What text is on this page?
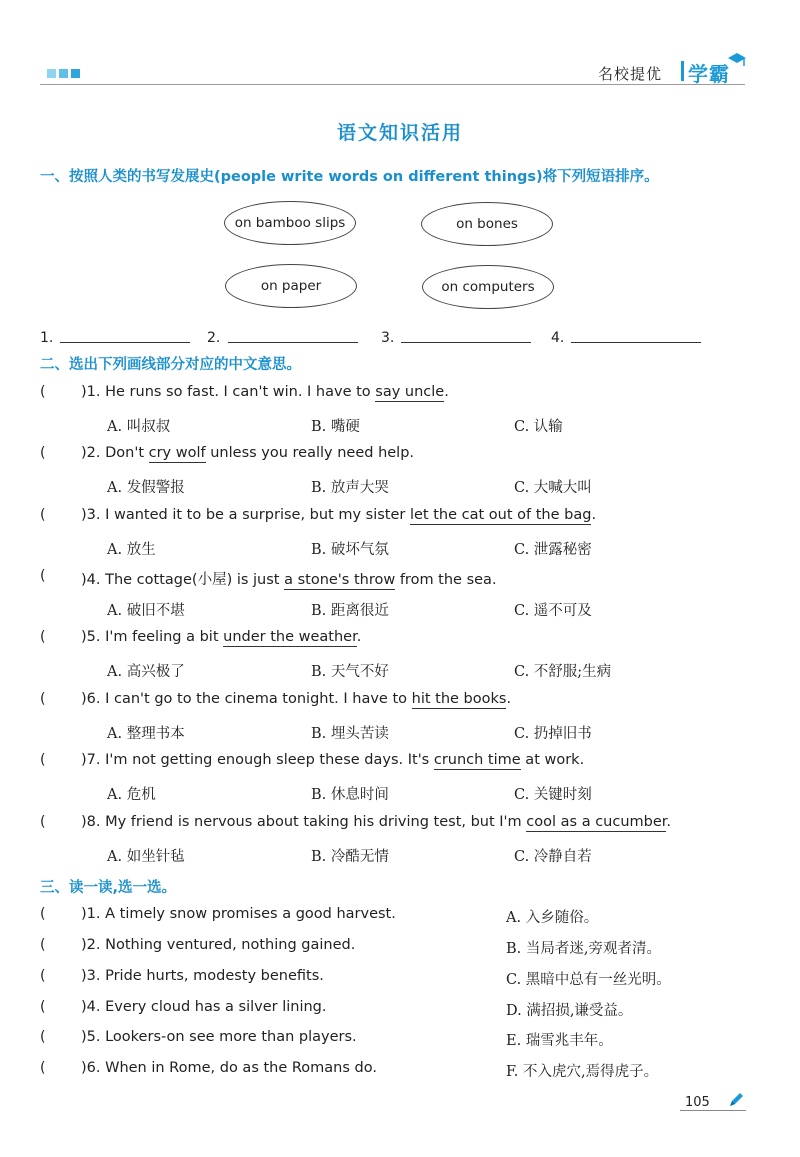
名校提优 学霸
语文知识活用
一、按照人类的书写发展史(people write words on different things)将下列短语排序。
on bamboo slips	on bones
on paper	on computers
1.	2.	3.	4.
二、选出下列画线部分对应的中文意思。
( )1. He runs so fast. I can't win. I have to say uncle.
A. 叫叔叔	B. 嘴硬	C. 认输
( )2. Don't cry wolf unless you really need help.
A. 发假警报	B. 放声大哭	C. 大喊大叫
( )3. I wanted it to be a surprise, but my sister let the cat out of the bag.
A. 放生	B. 破坏气氛	C. 泄露秘密
( )4. The cottage(小屋) is just a stone's throw from the sea.
A. 破旧不堪	B. 距离很近	C. 遥不可及
( )5. I'm feeling a bit under the weather.
A. 高兴极了	B. 天气不好	C. 不舒服;生病
( )6. I can't go to the cinema tonight. I have to hit the books.
A. 整理书本	B. 埋头苦读	C. 扔掉旧书
( )7. I'm not getting enough sleep these days. It's crunch time at work.
A. 危机	B. 休息时间	C. 关键时刻
( )8. My friend is nervous about taking his driving test, but I'm cool as a cucumber.
A. 如坐针毡	B. 冷酷无情	C. 冷静自若
三、读一读,选一选。
( )1. A timely snow promises a good harvest.	A. 入乡随俗。
( )2. Nothing ventured, nothing gained.	B. 当局者迷,旁观者清。
( )3. Pride hurts, modesty benefits.	C. 黑暗中总有一丝光明。
( )4. Every cloud has a silver lining.	D. 满招损,谦受益。
( )5. Lookers-on see more than players.	E. 瑞雪兆丰年。
( )6. When in Rome, do as the Romans do.	F. 不入虎穴,焉得虎子。
105
